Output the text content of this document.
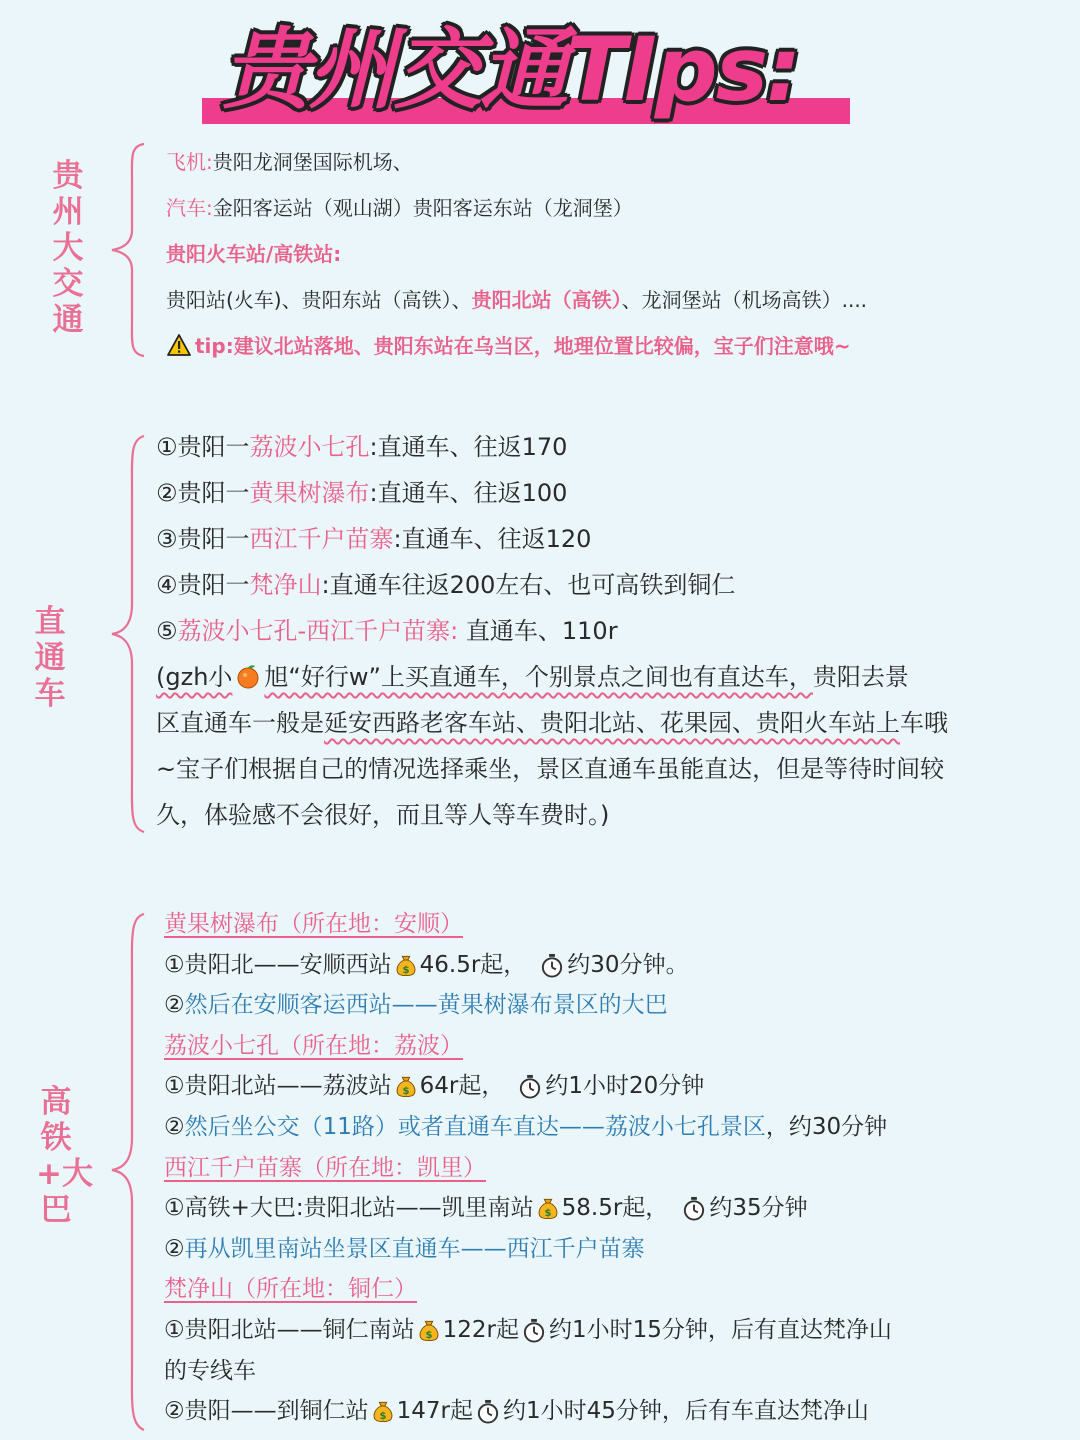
贵州交通TIps:
贵州大交通
飞机:贵阳龙洞堡国际机场、
汽车:金阳客运站（观山湖）贵阳客运东站（龙洞堡）
贵阳火车站/高铁站:
贵阳站(火车)、贵阳东站（高铁）、贵阳北站（高铁）、龙洞堡站（机场高铁）....
tip:建议北站落地、贵阳东站在乌当区，地理位置比较偏，宝子们注意哦~
直通车
①贵阳一荔波小七孔:直通车、往返170
②贵阳一黄果树瀑布:直通车、往返100
③贵阳一西江千户苗寨:直通车、往返120
④贵阳一梵净山:直通车往返200左右、也可高铁到铜仁
⑤荔波小七孔-西江千户苗寨: 直通车、110r
(gzh小 旭“好行w”上买直通车，个别景点之间也有直达车，贵阳去景
区直通车一般是延安西路老客车站、贵阳北站、花果园、贵阳火车站上车哦
~宝子们根据自己的情况选择乘坐，景区直通车虽能直达，但是等待时间较
久，体验感不会很好，而且等人等车费时。)
高铁+大巴
黄果树瀑布（所在地：安顺）
①贵阳北——安顺西站 46.5r起， 约30分钟。
②然后在安顺客运西站——黄果树瀑布景区的大巴
荔波小七孔（所在地：荔波）
①贵阳北站——荔波站 64r起， 约1小时20分钟
②然后坐公交（11路）或者直通车直达——荔波小七孔景区，约30分钟
西江千户苗寨（所在地：凯里）
①高铁+大巴:贵阳北站——凯里南站 58.5r起， 约35分钟
②再从凯里南站坐景区直通车——西江千户苗寨
梵净山（所在地：铜仁）
①贵阳北站——铜仁南站 122r起 约1小时15分钟，后有直达梵净山
的专线车
②贵阳——到铜仁站 147r起 约1小时45分钟，后有车直达梵净山
